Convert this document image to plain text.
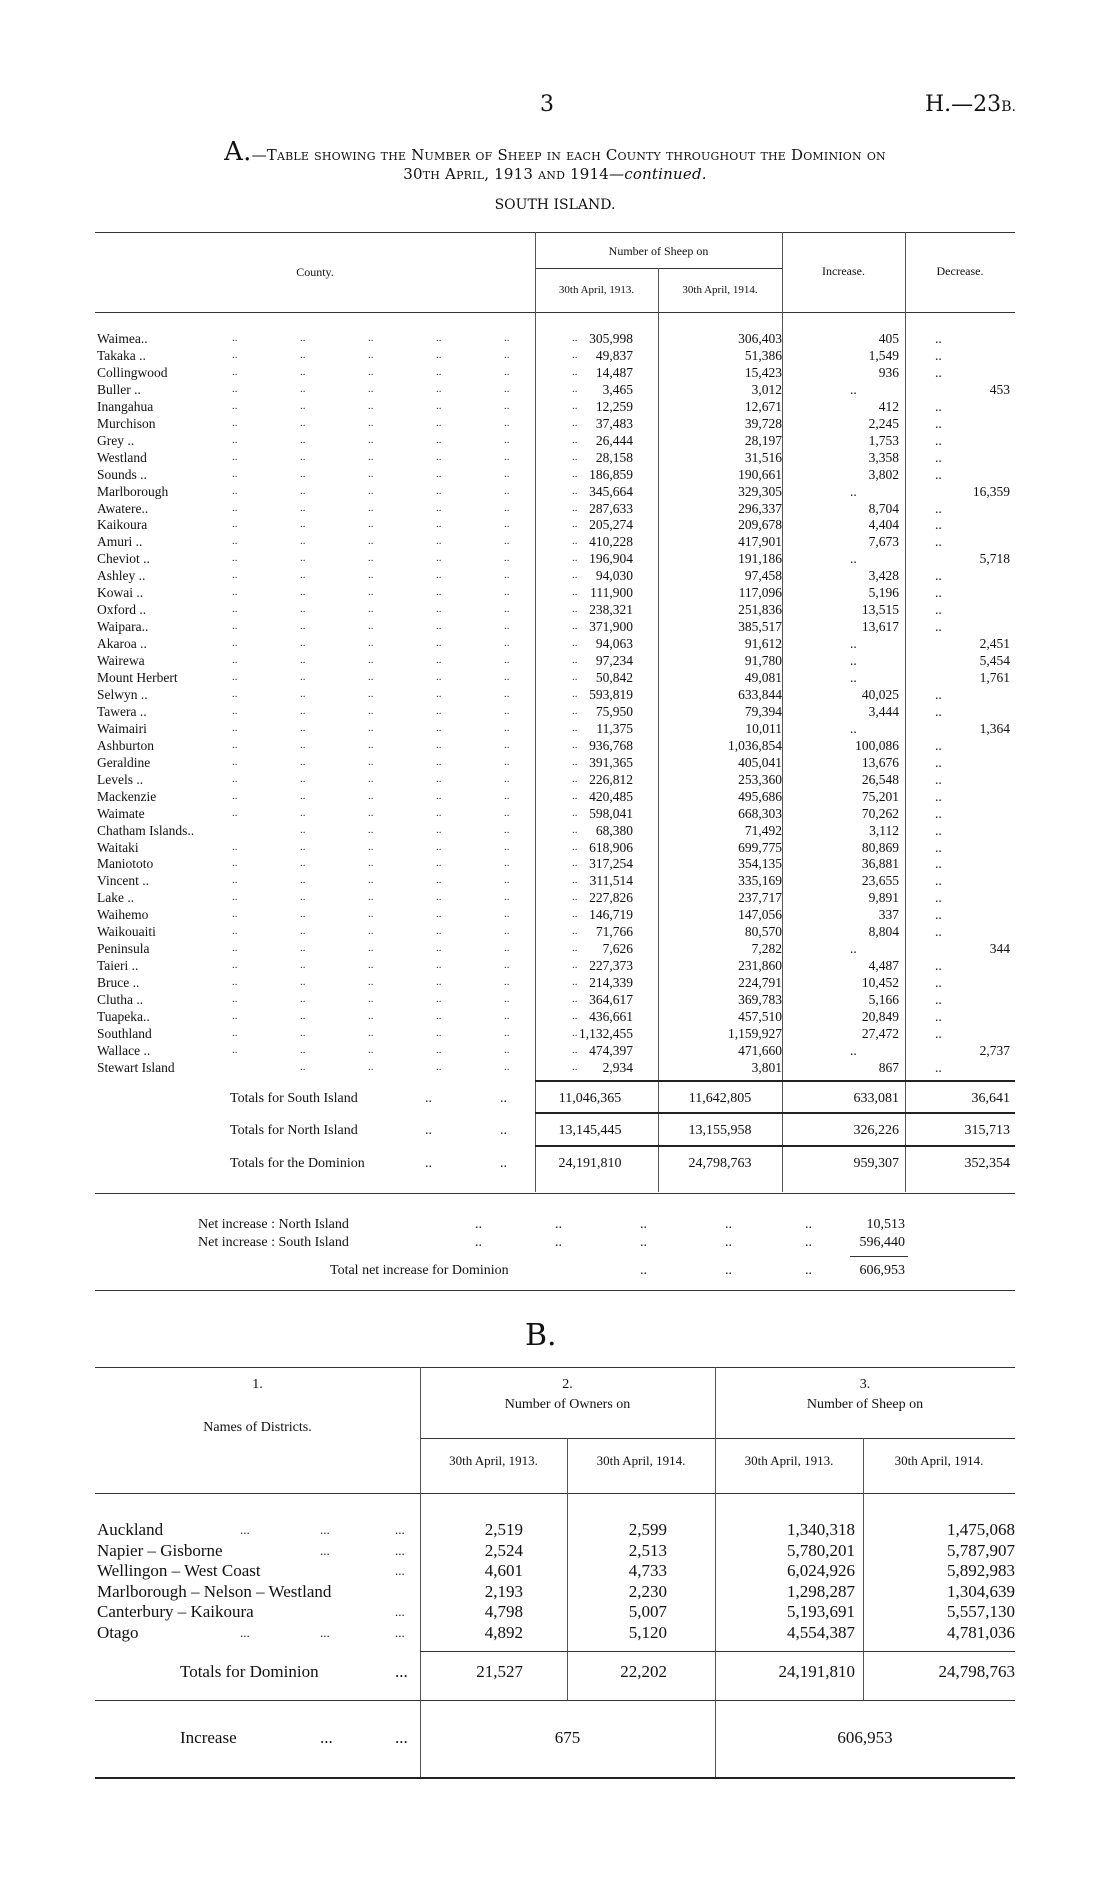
3	H.—23B.
A.—Table showing the Number of Sheep in each County throughout the Dominion on
30th April, 1913 and 1914—continued.
SOUTH ISLAND.
County.
Number of Sheep on
30th April, 1913.	30th April, 1914.
Increase.	Decrease.
Waimea..	..	..	..	..	..	.. 305,998	306,403	405	..
Takaka ..	..	..	..	..	..	..	49,837	51,386	1,549	..
Collingwood	..	..	..	..	..	..	14,487	15,423	936	..
Buller ..	..	..	..	..	..	..	3,465	3,012	..	453
Inangahua	..	..	..	..	..	..	12,259	12,671	412	..
Murchison	..	..	..	..	..	..	37,483	39,728	2,245	..
Grey ..	..	..	..	..	..	..	26,444	28,197	1,753	..
Westland	..	..	..	..	..	..	28,158	31,516	3,358	..
Sounds ..	..	..	..	..	..	.. 186,859	190,661	3,802	..
Marlborough	..	..	..	..	..	.. 345,664	329,305	..	16,359
Awatere..	..	..	..	..	..	.. 287,633	296,337	8,704	..
Kaikoura	..	..	..	..	..	.. 205,274	209,678	4,404	..
Amuri ..	..	..	..	..	..	.. 410,228	417,901	7,673	..
Cheviot ..	..	..	..	..	..	.. 196,904	191,186	..	5,718
Ashley ..	..	..	..	..	..	..	94,030	97,458	3,428	..
Kowai ..	..	..	..	..	..	.. 111,900	117,096	5,196	..
Oxford ..	..	..	..	..	..	.. 238,321	251,836	13,515	..
Waipara..	..	..	..	..	..	.. 371,900	385,517	13,617	..
Akaroa ..	..	..	..	..	..	..	94,063	91,612	..	2,451
Wairewa	..	..	..	..	..	..	97,234	91,780	..	5,454
Mount Herbert	..	..	..	..	..	..	50,842	49,081	..	1,761
Selwyn ..	..	..	..	..	..	.. 593,819	633,844	40,025	..
Tawera ..	..	..	..	..	..	..	75,950	79,394	3,444	..
Waimairi	..	..	..	..	..	..	11,375	10,011	..	1,364
Ashburton	..	..	..	..	..	.. 936,768	1,036,854	100,086	..
Geraldine	..	..	..	..	..	.. 391,365	405,041	13,676	..
Levels ..	..	..	..	..	..	.. 226,812	253,360	26,548	..
Mackenzie	..	..	..	..	..	.. 420,485	495,686	75,201	..
Waimate	..	..	..	..	..	.. 598,041	668,303	70,262	..
Chatham Islands..	..	..	..	..	..	68,380	71,492	3,112	..
Waitaki	..	..	..	..	..	.. 618,906	699,775	80,869	..
Maniototo	..	..	..	..	..	.. 317,254	354,135	36,881	..
Vincent ..	..	..	..	..	..	.. 311,514	335,169	23,655	..
Lake ..	..	..	..	..	..	.. 227,826	237,717	9,891	..
Waihemo	..	..	..	..	..	.. 146,719	147,056	337	..
Waikouaiti	..	..	..	..	..	..	71,766	80,570	8,804	..
Peninsula	..	..	..	..	..	..	7,626	7,282	..	344
Taieri ..	..	..	..	..	..	.. 227,373	231,860	4,487	..
Bruce ..	..	..	..	..	..	.. 214,339	224,791	10,452	..
Clutha ..	..	..	..	..	..	.. 364,617	369,783	5,166	..
Tuapeka..	..	..	..	..	..	.. 436,661	457,510	20,849	..
Southland	..	..	..	..	..	.. 1,132,455	1,159,927	27,472	..
Wallace ..	..	..	..	..	..	.. 474,397	471,660	..	2,737
Stewart Island	..	..	..	..	..	2,934	3,801	867	..
Totals for South Island	..	..	11,046,365	11,642,805	633,081	36,641
Totals for North Island	..	..	13,145,445	13,155,958	326,226	315,713
Totals for the Dominion	..	..	24,191,810	24,798,763	959,307	352,354
Net increase : North Island	..	..	..	..	..	10,513
Net increase : South Island	..	..	..	..	..	596,440
Total net increase for Dominion	..	..	..	606,953
B.
1.
Names of Districts.
2.
Number of Owners on
3.
Number of Sheep on
30th April, 1913.	30th April, 1914.	30th April, 1913.	30th April, 1914.
Auckland	...	...	...	2,519	2,599	1,340,318	1,475,068
Napier – Gisborne	...	...	2,524	2,513	5,780,201	5,787,907
Wellingon – West Coast	...	4,601	4,733	6,024,926	5,892,983
Marlborough – Nelson – Westland	2,193	2,230	1,298,287	1,304,639
Canterbury – Kaikoura	...	4,798	5,007	5,193,691	5,557,130
Otago	...	...	...	4,892	5,120	4,554,387	4,781,036
Totals for Dominion	...	21,527	22,202	24,191,810	24,798,763
Increase	...	...	675	606,953
